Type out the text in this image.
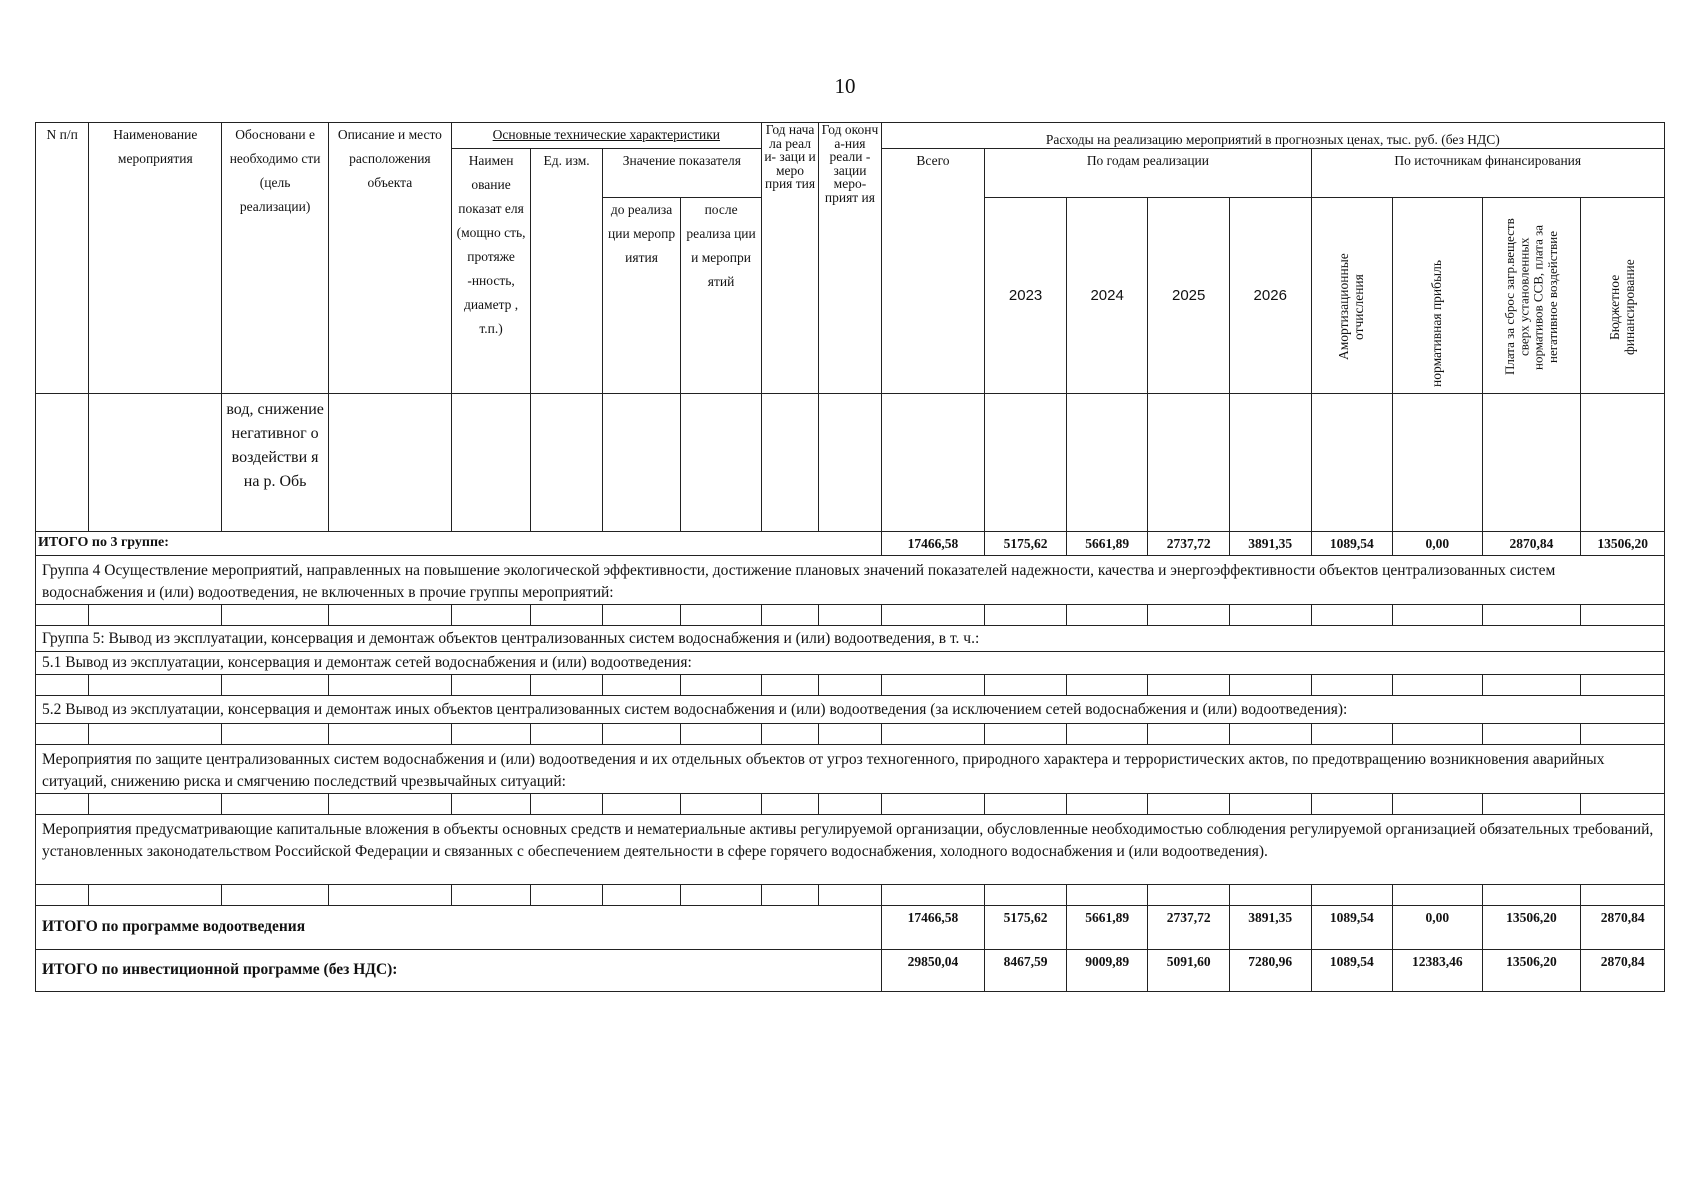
10
N п/п	Наименование мероприятия	Обосновани е необходимо сти (цель реализации)	Описание и место расположения объекта	Основные технические характеристики				Год нача ла реал и- заци и меро прия тия	Год оконч а-ния реали - зации меро- прият ия	Расходы на реализацию мероприятий в прогнозных ценах, тыс. руб. (без НДС)								
				Наимен ование показат еля (мощно сть, протяже -нность, диаметр , т.п.)	Ед. изм.	Значение показателя				Всего	По годам реализации				По источникам финансирования			

						до реализа ции меропр иятия	после реализа ции и меропри ятий				2023	2024	2025	2026	Амортизационные отчисления	нормативная прибыль	Плата за сброс загр.веществ сверх установленных нормативов ССВ, плата за негативное воздействие	Бюджетное финансирование

		вод, снижение негативног о воздействи я на р. Обь																
ИТОГО по 3 группе:										17466,58	5175,62	5661,89	2737,72	3891,35	1089,54	0,00	2870,84	13506,20
Группа 4 Осуществление мероприятий, направленных на повышение экологической эффективности, достижение плановых значений показателей надежности, качества и энергоэффективности объектов централизованных систем водоснабжения и (или) водоотведения, не включенных в прочие группы мероприятий:																		

Группа 5: Вывод из эксплуатации, консервация и демонтаж объектов централизованных систем водоснабжения и (или) водоотведения, в т. ч.:																		
5.1 Вывод из эксплуатации, консервация и демонтаж сетей водоснабжения и (или) водоотведения:																		

5.2 Вывод из эксплуатации, консервация и демонтаж иных объектов централизованных систем водоснабжения и (или) водоотведения (за исключением сетей водоснабжения и (или) водоотведения):																		

Мероприятия по защите централизованных систем водоснабжения и (или) водоотведения и их отдельных объектов от угроз техногенного, природного характера и террористических актов, по предотвращению возникновения аварийных ситуаций, снижению риска и смягчению последствий чрезвычайных ситуаций:																		

Мероприятия предусматривающие капитальные вложения в объекты основных средств и нематериальные активы регулируемой организации, обусловленные необходимостью соблюдения регулируемой организацией обязательных требований, установленных законодательством Российской Федерации и связанных с обеспечением деятельности в сфере горячего водоснабжения, холодного водоснабжения и (или водоотведения).																		

ИТОГО по программе водоотведения										17466,58	5175,62	5661,89	2737,72	3891,35	1089,54	0,00	13506,20	2870,84
ИТОГО по инвестиционной программе (без НДС):										29850,04	8467,59	9009,89	5091,60	7280,96	1089,54	12383,46	13506,20	2870,84
